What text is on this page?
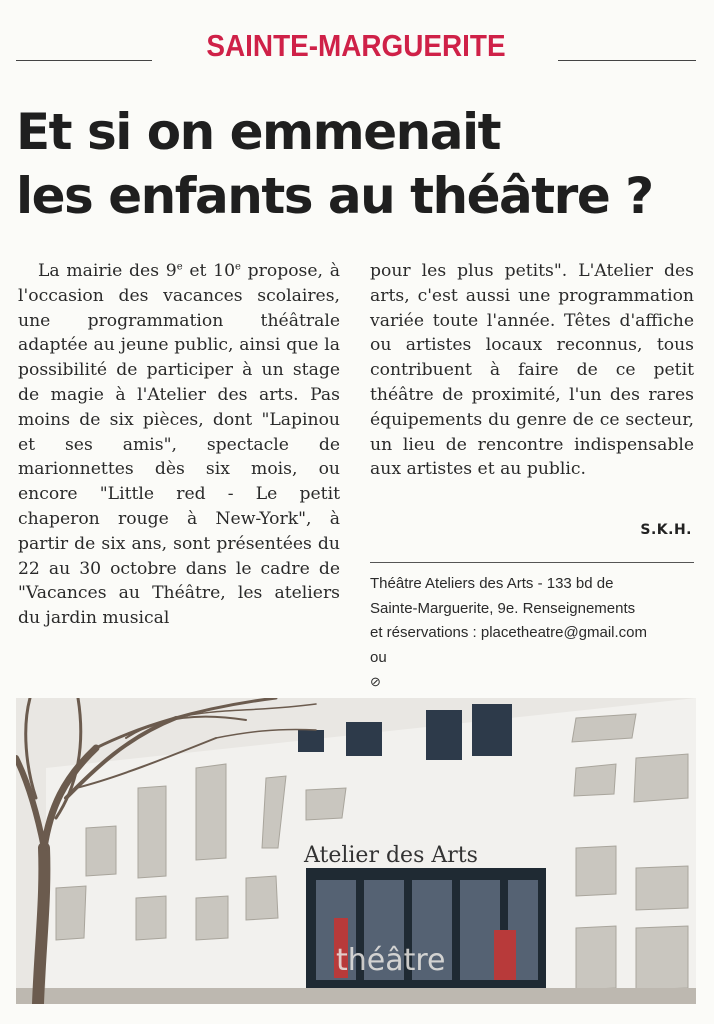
SAINTE-MARGUERITE
Et si on emmenait
les enfants au théâtre ?

La mairie des 9e et 10e propose, à l'occasion des vacances scolaires, une programmation théâtrale adaptée au jeune public, ainsi que la possibilité de participer à un stage de magie à l'Atelier des arts. Pas moins de six pièces, dont "Lapinou et ses amis", spectacle de marionnettes dès six mois, ou encore "Little red - Le petit chaperon rouge à New-York", à partir de six ans, sont présentées du 22 au 30 octobre dans le cadre de "Vacances au Théâtre, les ateliers du jardin musical

pour les plus petits". L'Atelier des arts, c'est aussi une programmation variée toute l'année. Têtes d'affiche ou artistes locaux reconnus, tous contribuent à faire de ce petit théâtre de proximité, l'un des rares équipements du genre de ce secteur, un lieu de rencontre indispensable aux artistes et au public.

S.K.H.
Théâtre Ateliers des Arts - 133 bd de
Sainte-Marguerite, 9e. Renseignements
et réservations : placetheatre@gmail.com
ou
⊘
Atelier des Arts
théâtre
